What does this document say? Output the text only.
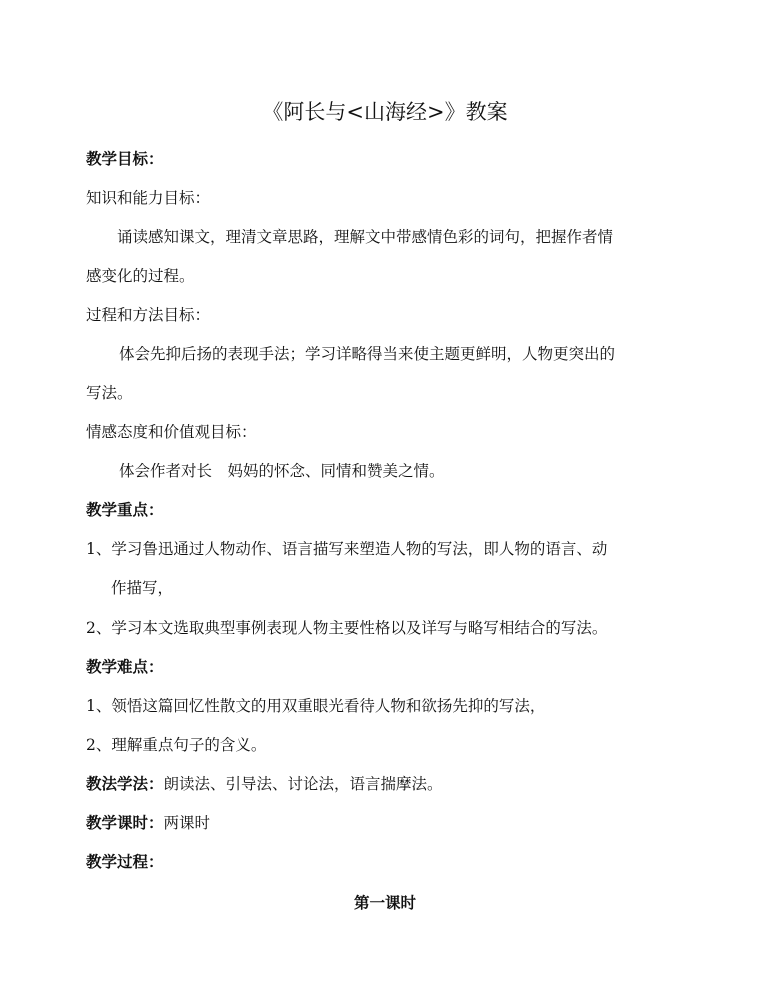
《阿长与<山海经>》教案
教学目标：
知识和能力目标：
诵读感知课文，理清文章思路，理解文中带感情色彩的词句，把握作者情
感变化的过程。
过程和方法目标：
体会先抑后扬的表现手法；学习详略得当来使主题更鲜明，人物更突出的
写法。
情感态度和价值观目标：
体会作者对长　妈妈的怀念、同情和赞美之情。
教学重点：
1、学习鲁迅通过人物动作、语言描写来塑造人物的写法，即人物的语言、动
作描写，
2、学习本文选取典型事例表现人物主要性格以及详写与略写相结合的写法。
教学难点：
1、领悟这篇回忆性散文的用双重眼光看待人物和欲扬先抑的写法，
2、理解重点句子的含义。
教法学法：朗读法、引导法、讨论法，语言揣摩法。
教学课时：两课时
教学过程：
第一课时
